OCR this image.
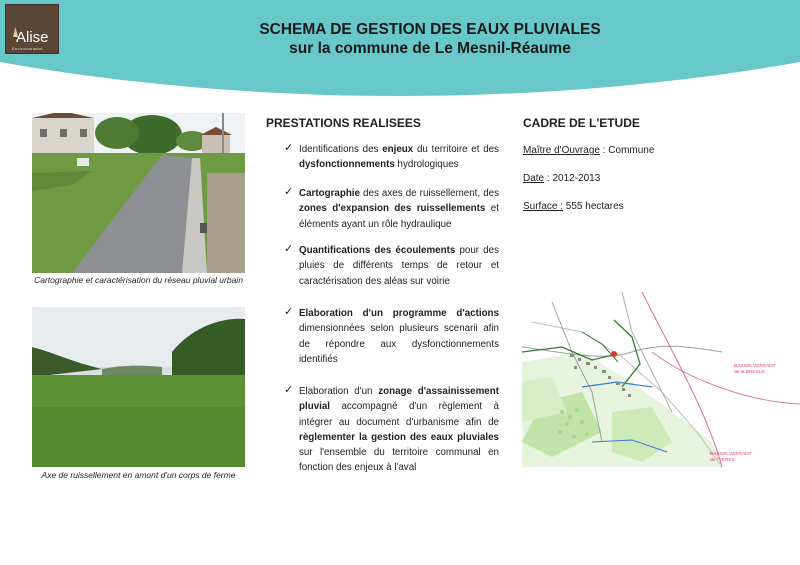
Alise
Environnement
SCHEMA DE GESTION DES EAUX PLUVIALES
sur la commune de Le Mesnil-Réaume
Cartographie et caractérisation du réseau pluvial urbain
Axe de ruissellement en amont d'un corps de ferme
PRESTATIONS REALISEES
✓ Identifications des enjeux du territoire et des dysfonctionnements hydrologiques
✓ Cartographie des axes de ruissellement, des zones d'expansion des ruissellements et éléments ayant un rôle hydraulique
✓ Quantifications des écoulements pour des pluies de différents temps de retour et caractérisation des aléas sur voirie
✓ Elaboration d'un programme d'actions dimensionnées selon plusieurs scenarii afin de répondre aux dysfonctionnements identifiés
✓ Elaboration d'un zonage d'assainissement pluvial accompagné d'un règlement à intégrer au document d'urbanisme afin de règlementer la gestion des eaux pluviales sur l'ensemble du territoire communal en fonction des enjeux à l'aval
CADRE DE L'ETUDE
Maître d'Ouvrage : Commune
Date : 2012-2013
Surface : 555 hectares
BASSIN VERSANT
de la BRESLE
BASSIN VERSANT
de l'YERES
